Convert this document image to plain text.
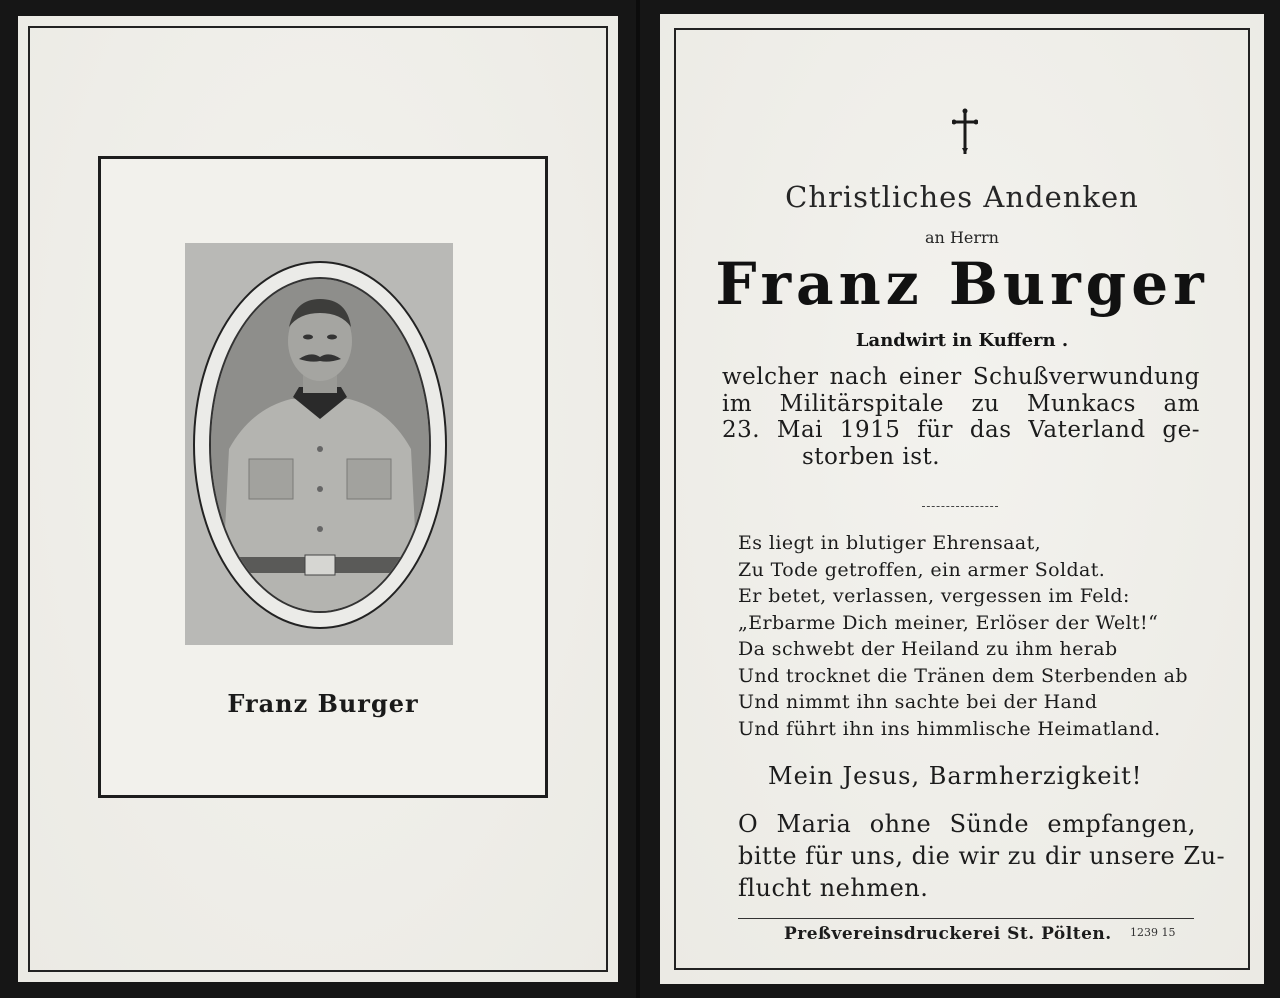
Franz Burger
Christliches Andenken
an Herrn
Franz Burger
Landwirt in Kuffern .
welcher nach einer Schußverwundung
im Militärspitale zu Munkacs am
23. Mai 1915 für das Vaterland ge-
storben ist.
Es liegt in blutiger Ehrensaat,
Zu Tode getroffen, ein armer Soldat.
Er betet, verlassen, vergessen im Feld:
„Erbarme Dich meiner, Erlöser der Welt!“
Da schwebt der Heiland zu ihm herab
Und trocknet die Tränen dem Sterbenden ab
Und nimmt ihn sachte bei der Hand
Und führt ihn ins himmlische Heimatland.
Mein Jesus, Barmherzigkeit!
O Maria ohne Sünde empfangen,
bitte für uns, die wir zu dir unsere Zu-
flucht nehmen.
Preßvereinsdruckerei St. Pölten. 1239 15
